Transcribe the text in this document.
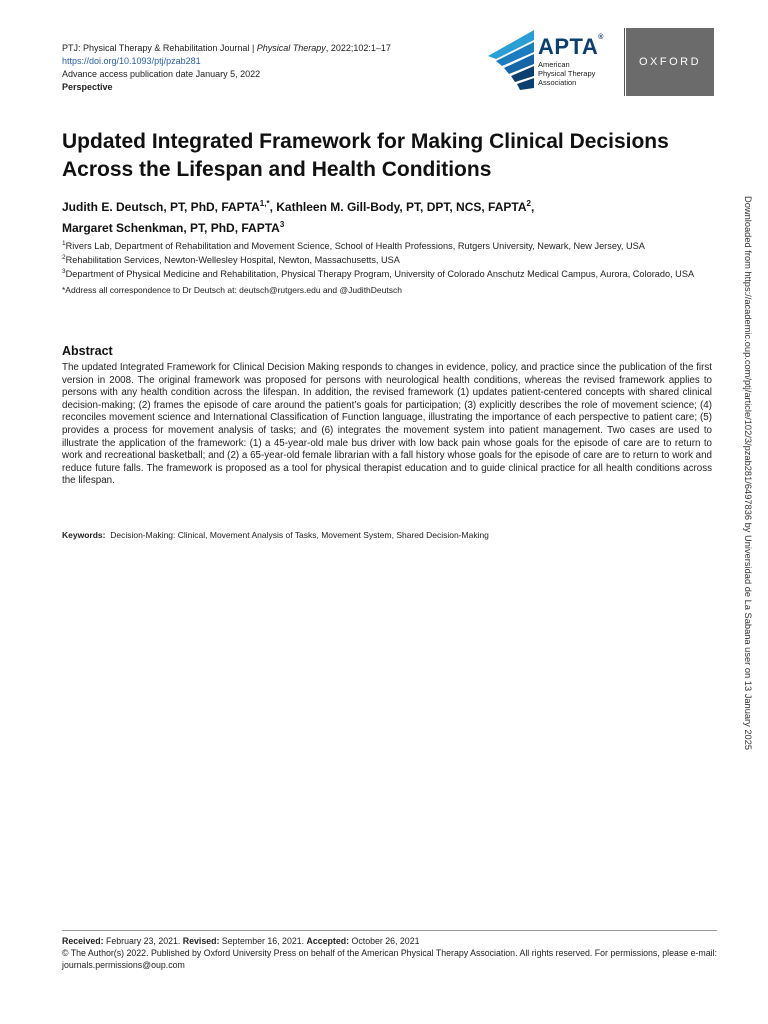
PTJ: Physical Therapy & Rehabilitation Journal | Physical Therapy, 2022;102:1–17
https://doi.org/10.1093/ptj/pzab281
Advance access publication date January 5, 2022
Perspective
APTA®
American
Physical Therapy
Association
OXFORD
Updated Integrated Framework for Making Clinical Decisions Across the Lifespan and Health Conditions
Judith E. Deutsch, PT, PhD, $FAPTA^{1,*}$, Kathleen M. Gill-Body, PT, DPT, NCS, FAPTA$^2$,
Margaret Schenkman, PT, PhD, FAPTA$^3$

$^1$Rivers Lab, Department of Rehabilitation and Movement Science, School of Health Professions, Rutgers University, Newark, New Jersey, USA

$^2$Rehabilitation Services, Newton-Wellesley Hospital, Newton, Massachusetts, USA

$^3$Department of Physical Medicine and Rehabilitation, Physical Therapy Program, University of Colorado Anschutz Medical Campus, Aurora, Colorado, USA

*Address all correspondence to Dr Deutsch at: deutsch@rutgers.edu and @JudithDeutsch

Abstract

The updated Integrated Framework for Clinical Decision Making responds to changes in evidence, policy, and practice since the publication of the first version in 2008. The original framework was proposed for persons with neurological health conditions, whereas the revised framework applies to persons with any health condition across the lifespan. In addition, the revised framework (1) updates patient-centered concepts with shared clinical decision-making; (2) frames the episode of care around the patient’s goals for participation; (3) explicitly describes the role of movement science; (4) reconciles movement science and International Classification of Function language, illustrating the importance of each perspective to patient care; (5) provides a process for movement analysis of tasks; and (6) integrates the movement system into patient management. Two cases are used to illustrate the application of the framework: (1) a 45-year-old male bus driver with low back pain whose goals for the episode of care are to return to work and recreational basketball; and (2) a 65-year-old female librarian with a fall history whose goals for the episode of care are to return to work and reduce future falls. The framework is proposed as a tool for physical therapist education and to guide clinical practice for all health conditions across the lifespan.

Keywords: Decision-Making: Clinical, Movement Analysis of Tasks, Movement System, Shared Decision-Making	Downloaded from https://academic.oup.com/ptj/article/102/3/pzab281/6497836 by Universidad de La Sabana user on 13 January 2025

Received: February 23, 2021. Revised: September 16, 2021. Accepted: October 26, 2021

© The Author(s) 2022. Published by Oxford University Press on behalf of the American Physical Therapy Association. All rights reserved. For permissions, please e-mail: journals.permissions@oup.com
